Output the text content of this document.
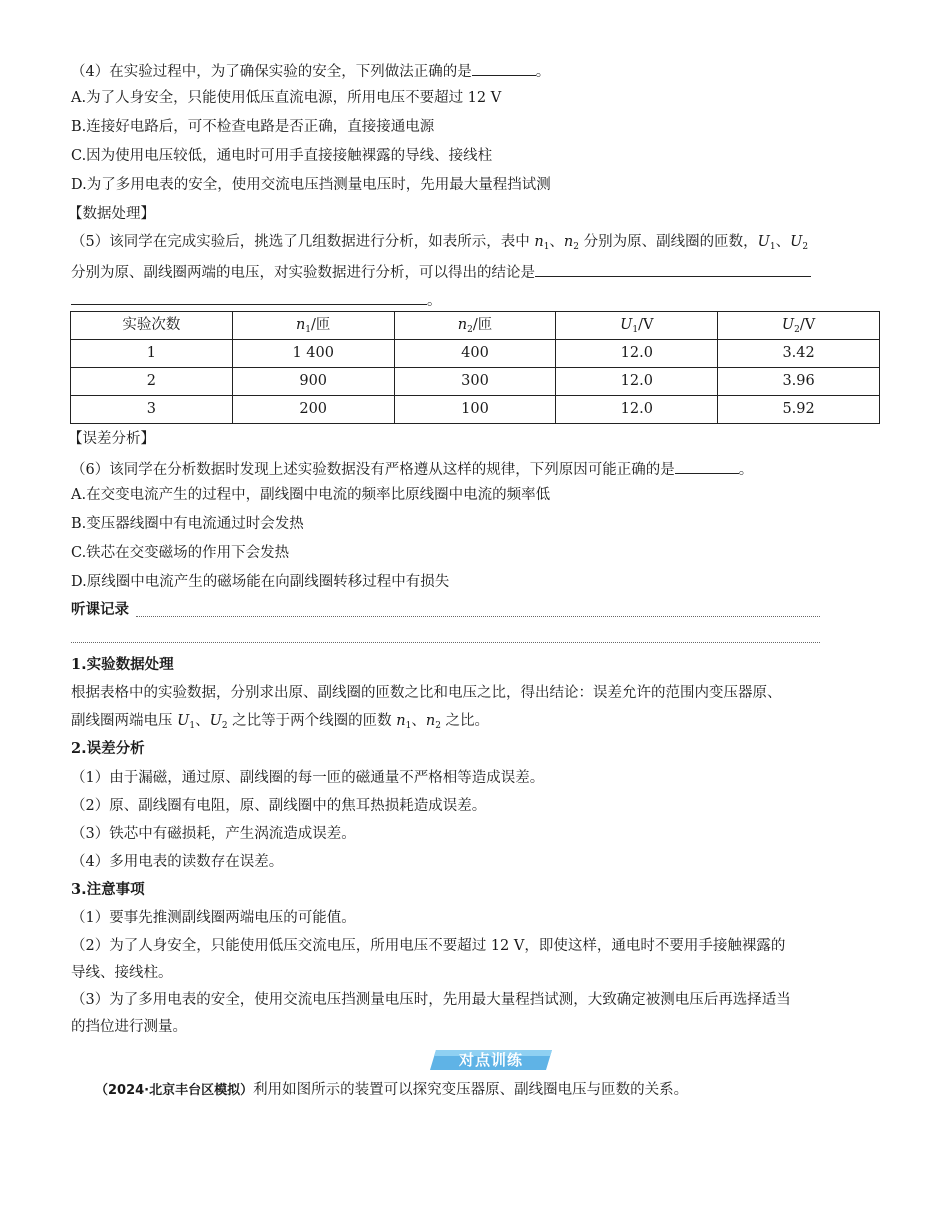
（4）在实验过程中，为了确保实验的安全，下列做法正确的是	。
A.为了人身安全，只能使用低压直流电源，所用电压不要超过 12 V
B.连接好电路后，可不检查电路是否正确，直接接通电源
C.因为使用电压较低，通电时可用手直接接触裸露的导线、接线柱
D.为了多用电表的安全，使用交流电压挡测量电压时，先用最大量程挡试测
【数据处理】
（5）该同学在完成实验后，挑选了几组数据进行分析，如表所示，表中 $n_1$、$n_2$ 分别为原、副线圈的匝数，$U_1$、$U_2$
分别为原、副线圈两端的电压，对实验数据进行分析，可以得出的结论是
。
实验次数	$n_1/$匝	$n_2/$匝	$U_1/V$	$U_2/V$
1	1 400	400	12.0	3.42
2	900	300	12.0	3.96
3	200	100	12.0	5.92
【误差分析】
（6）该同学在分析数据时发现上述实验数据没有严格遵从这样的规律，下列原因可能正确的是	。
A.在交变电流产生的过程中，副线圈中电流的频率比原线圈中电流的频率低
B.变压器线圈中有电流通过时会发热
C.铁芯在交变磁场的作用下会发热
D.原线圈中电流产生的磁场能在向副线圈转移过程中有损失
听课记录
1.实验数据处理
根据表格中的实验数据，分别求出原、副线圈的匝数之比和电压之比，得出结论：误差允许的范围内变压器原、
副线圈两端电压 $U_1$、$U_2$ 之比等于两个线圈的匝数 $n_1$、$n_2$ 之比。
2.误差分析
（1）由于漏磁，通过原、副线圈的每一匝的磁通量不严格相等造成误差。
（2）原、副线圈有电阻，原、副线圈中的焦耳热损耗造成误差。
（3）铁芯中有磁损耗，产生涡流造成误差。
（4）多用电表的读数存在误差。
3.注意事项
（1）要事先推测副线圈两端电压的可能值。
（2）为了人身安全，只能使用低压交流电压，所用电压不要超过 12 V，即使这样，通电时不要用手接触裸露的
导线、接线柱。
（3）为了多用电表的安全，使用交流电压挡测量电压时，先用最大量程挡试测，大致确定被测电压后再选择适当
的挡位进行测量。
对点训练
（2024·北京丰台区模拟）利用如图所示的装置可以探究变压器原、副线圈电压与匝数的关系。
